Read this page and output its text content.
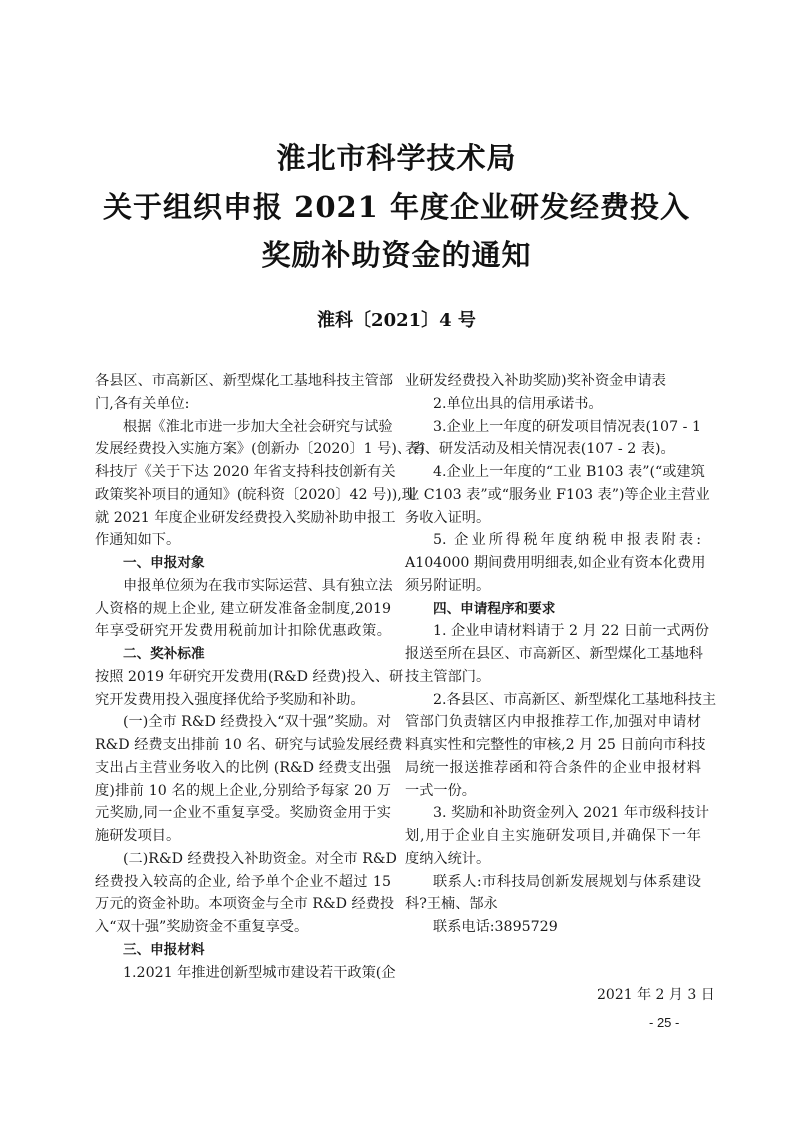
淮北市科学技术局
关于组织申报 2021 年度企业研发经费投入
奖励补助资金的通知
淮科〔2021〕4 号
各县区、市高新区、新型煤化工基地科技主管部
门,各有关单位:
根据《淮北市进一步加大全社会研究与试验
发展经费投入实施方案》(创新办〔2020〕1 号)、省
科技厅《关于下达 2020 年省支持科技创新有关
政策奖补项目的通知》(皖科资〔2020〕42 号)),现
就 2021 年度企业研发经费投入奖励补助申报工
作通知如下。
一、申报对象
申报单位须为在我市实际运营、具有独立法
人资格的规上企业, 建立研发准备金制度,2019
年享受研究开发费用税前加计扣除优惠政策。
二、奖补标准
按照 2019 年研究开发费用(R&D 经费)投入、研
究开发费用投入强度择优给予奖励和补助。
(一)全市 R&D 经费投入“双十强”奖励。对
R&D 经费支出排前 10 名、研究与试验发展经费
支出占主营业务收入的比例 (R&D 经费支出强
度)排前 10 名的规上企业,分别给予每家 20 万
元奖励,同一企业不重复享受。奖励资金用于实
施研发项目。
(二)R&D 经费投入补助资金。对全市 R&D
经费投入较高的企业, 给予单个企业不超过 15
万元的资金补助。本项资金与全市 R&D 经费投
入“双十强”奖励资金不重复享受。
三、申报材料
1.2021 年推进创新型城市建设若干政策(企
业研发经费投入补助奖励)奖补资金申请表
2.单位出具的信用承诺书。
3.企业上一年度的研发项目情况表(107 - 1
表)、研发活动及相关情况表(107 - 2 表)。
4.企业上一年度的“工业 B103 表”(“或建筑
业 C103 表”或“服务业 F103 表”)等企业主营业
务收入证明。
5. 企业所得税年度纳税申报表附表:
A104000 期间费用明细表,如企业有资本化费用
须另附证明。
四、申请程序和要求
1. 企业申请材料请于 2 月 22 日前一式两份
报送至所在县区、市高新区、新型煤化工基地科
技主管部门。
2.各县区、市高新区、新型煤化工基地科技主
管部门负责辖区内申报推荐工作,加强对申请材
料真实性和完整性的审核,2 月 25 日前向市科技
局统一报送推荐函和符合条件的企业申报材料
一式一份。
3. 奖励和补助资金列入 2021 年市级科技计
划,用于企业自主实施研发项目,并确保下一年
度纳入统计。
联系人:市科技局创新发展规划与体系建设
科?王楠、郜永
联系电话:3895729
2021 年 2 月 3 日
- 25 -
